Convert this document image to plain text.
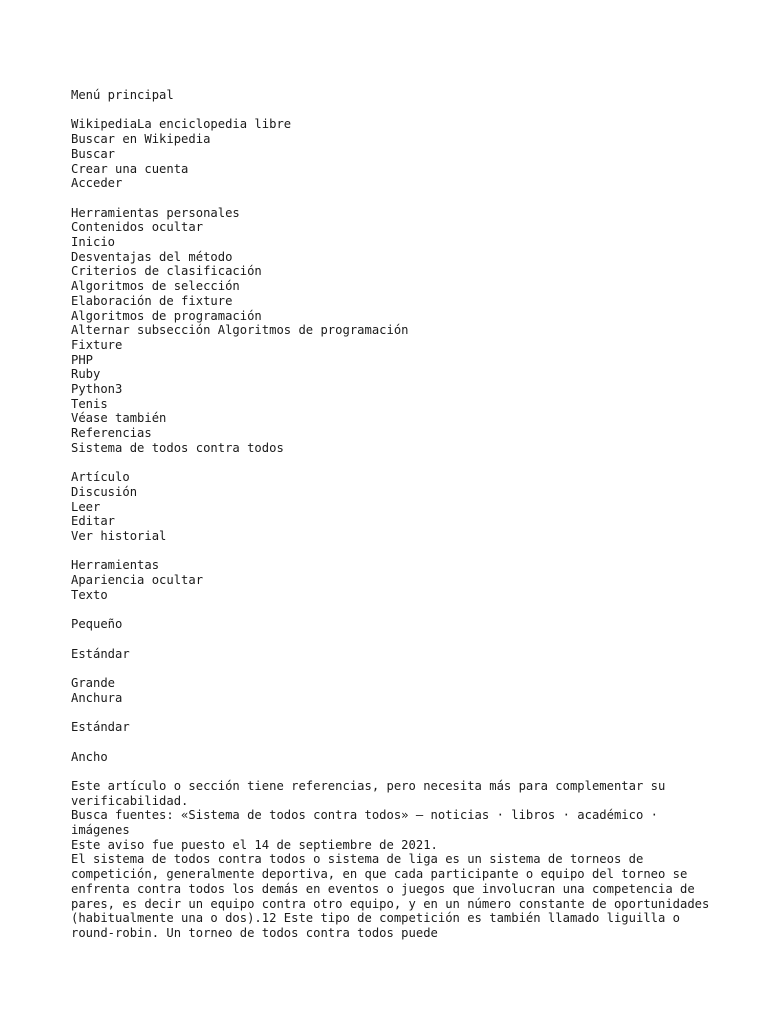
Menú principal
WikipediaLa enciclopedia libre
Buscar en Wikipedia
Buscar
Crear una cuenta
Acceder
Herramientas personales
Contenidos ocultar
Inicio
Desventajas del método
Criterios de clasificación
Algoritmos de selección
Elaboración de fixture
Algoritmos de programación
Alternar subsección Algoritmos de programación
Fixture
PHP
Ruby
Python3
Tenis
Véase también
Referencias
Sistema de todos contra todos
Artículo
Discusión
Leer
Editar
Ver historial
Herramientas
Apariencia ocultar
Texto
Pequeño
Estándar
Grande
Anchura
Estándar
Ancho
Este artículo o sección tiene referencias, pero necesita más para complementar su verificabilidad.
Busca fuentes: «Sistema de todos contra todos» – noticias · libros · académico · imágenes
Este aviso fue puesto el 14 de septiembre de 2021.
El sistema de todos contra todos o sistema de liga es un sistema de torneos de competición, generalmente deportiva, en que cada participante o equipo del torneo se enfrenta contra todos los demás en eventos o juegos que involucran una competencia de pares, es decir un equipo contra otro equipo, y en un número constante de oportunidades (habitualmente una o dos).12 Este tipo de competición es también llamado liguilla o round-robin. Un torneo de todos contra todos puede
